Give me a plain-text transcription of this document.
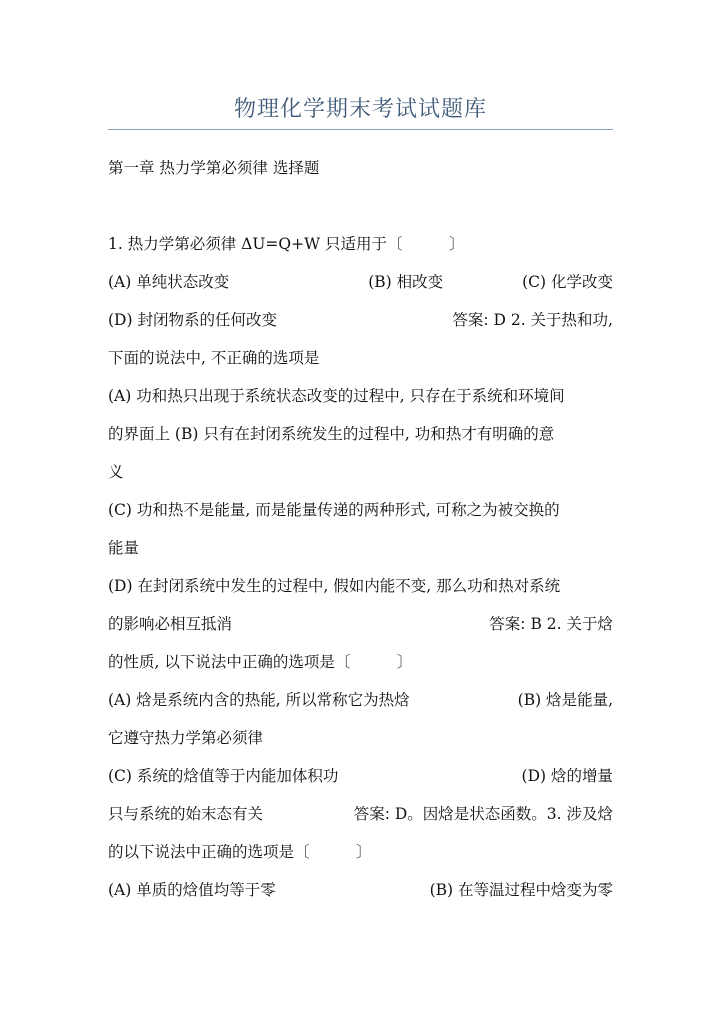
物理化学期末考试试题库
第一章 热力学第必须律 选择题
1. 热力学第必须律 ΔU=Q+W 只适用于〔　　　〕
(A) 单纯状态改变	(B) 相改变	(C) 化学改变
(D) 封闭物系的任何改变	答案: D 2. 关于热和功,
下面的说法中, 不正确的选项是
(A) 功和热只出现于系统状态改变的过程中, 只存在于系统和环境间
的界面上 (B) 只有在封闭系统发生的过程中, 功和热才有明确的意
义
(C) 功和热不是能量, 而是能量传递的两种形式, 可称之为被交换的
能量
(D) 在封闭系统中发生的过程中, 假如内能不变, 那么功和热对系统
的影响必相互抵消	答案: B 2. 关于焓
的性质, 以下说法中正确的选项是〔　　　〕
(A) 焓是系统内含的热能, 所以常称它为热焓	(B) 焓是能量,
它遵守热力学第必须律
(C) 系统的焓值等于内能加体积功	(D) 焓的增量
只与系统的始末态有关	答案: D。因焓是状态函数。3. 涉及焓
的以下说法中正确的选项是〔　　　〕
(A) 单质的焓值均等于零	(B) 在等温过程中焓变为零
